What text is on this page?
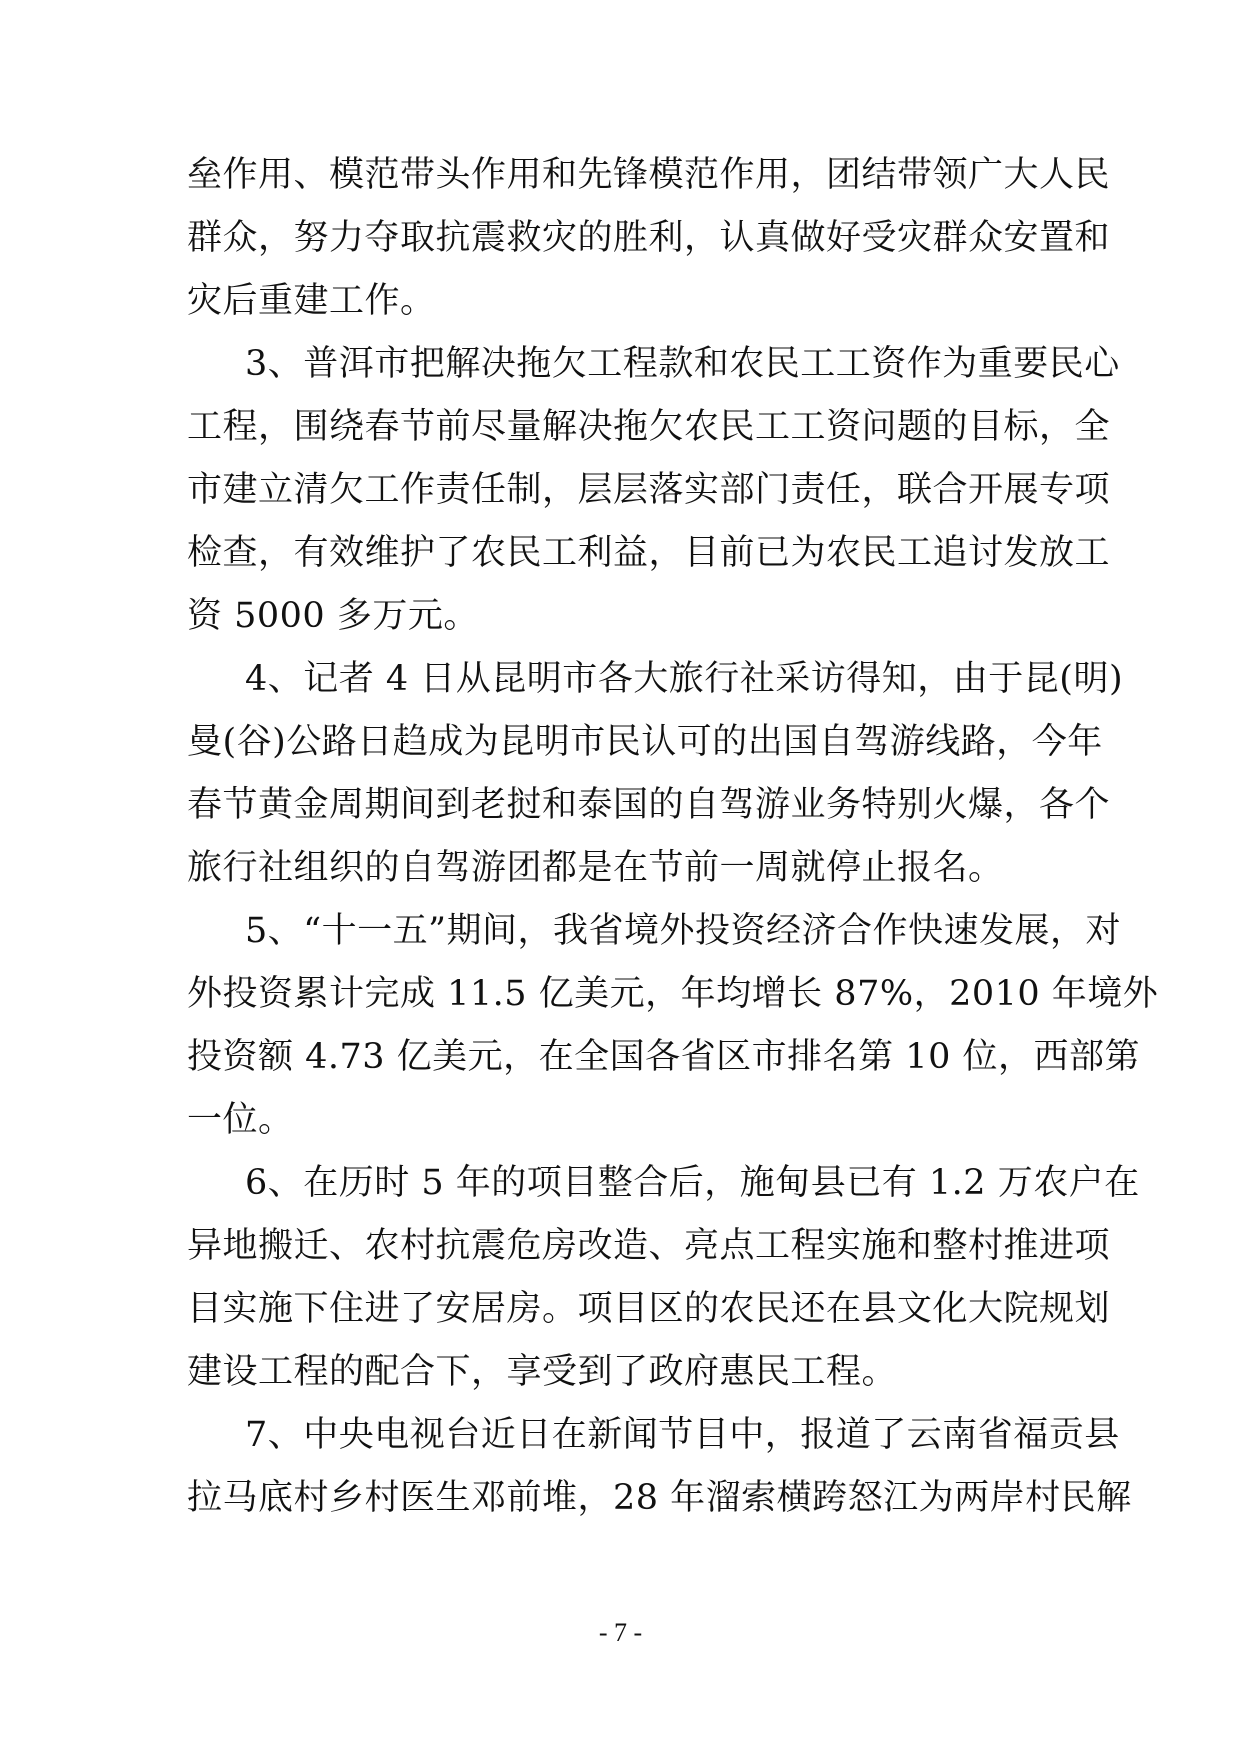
垒作用、模范带头作用和先锋模范作用，团结带领广大人民
群众，努力夺取抗震救灾的胜利，认真做好受灾群众安置和
灾后重建工作。
3、普洱市把解决拖欠工程款和农民工工资作为重要民心
工程，围绕春节前尽量解决拖欠农民工工资问题的目标，全
市建立清欠工作责任制，层层落实部门责任，联合开展专项
检查，有效维护了农民工利益，目前已为农民工追讨发放工
资 5000 多万元。
4、记者 4 日从昆明市各大旅行社采访得知，由于昆(明)
曼(谷)公路日趋成为昆明市民认可的出国自驾游线路，今年
春节黄金周期间到老挝和泰国的自驾游业务特别火爆，各个
旅行社组织的自驾游团都是在节前一周就停止报名。
5、“十一五”期间，我省境外投资经济合作快速发展，对
外投资累计完成 11.5 亿美元，年均增长 87%，2010 年境外
投资额 4.73 亿美元，在全国各省区市排名第 10 位，西部第
一位。
6、在历时 5 年的项目整合后，施甸县已有 1.2 万农户在
异地搬迁、农村抗震危房改造、亮点工程实施和整村推进项
目实施下住进了安居房。项目区的农民还在县文化大院规划
建设工程的配合下，享受到了政府惠民工程。
7、中央电视台近日在新闻节目中，报道了云南省福贡县
拉马底村乡村医生邓前堆，28 年溜索横跨怒江为两岸村民解
- 7 -
